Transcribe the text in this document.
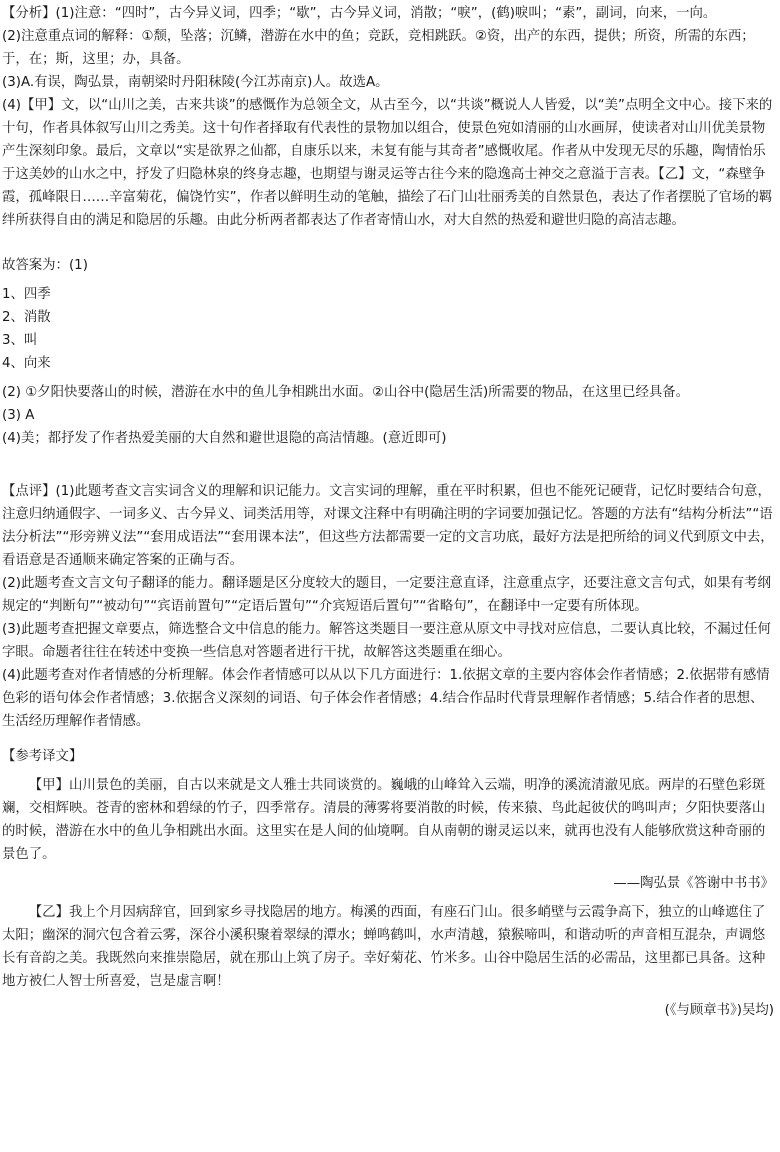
【分析】(1)注意：“四时”，古今异义词，四季；“歇”，古今异义词，消散；“唳”，(鹤)唳叫；“素”，副词，向来，一向。

(2)注意重点词的解释：①颓，坠落；沉鳞，潜游在水中的鱼；竞跃，竞相跳跃。②资，出产的东西，提供；所资，所需的东西；于，在；斯，这里；办，具备。

(3)A.有误，陶弘景，南朝梁时丹阳秣陵(今江苏南京)人。故选A。

(4)【甲】文，以“山川之美，古来共谈”的感慨作为总领全文，从古至今，以“共谈”概说人人皆爱，以“美”点明全文中心。接下来的十句，作者具体叙写山川之秀美。这十句作者择取有代表性的景物加以组合，使景色宛如清丽的山水画屏，使读者对山川优美景物产生深刻印象。最后，文章以“实是欲界之仙都，自康乐以来，未复有能与其奇者”感慨收尾。作者从中发现无尽的乐趣，陶情怡乐于这美妙的山水之中，抒发了归隐林泉的终身志趣，也期望与谢灵运等古往今来的隐逸高士神交之意溢于言表。【乙】文，“森壁争霞，孤峰限日……辛富菊花，偏饶竹实”，作者以鲜明生动的笔触，描绘了石门山壮丽秀美的自然景色，表达了作者摆脱了官场的羁绊所获得自由的满足和隐居的乐趣。由此分析两者都表达了作者寄情山水，对大自然的热爱和避世归隐的高洁志趣。

故答案为：(1)

1、四季

2、消散

3、叫

4、向来

(2) ①夕阳快要落山的时候，潜游在水中的鱼儿争相跳出水面。②山谷中(隐居生活)所需要的物品，在这里已经具备。

(3) A

(4)美；都抒发了作者热爱美丽的大自然和避世退隐的高洁情趣。(意近即可)

【点评】(1)此题考查文言实词含义的理解和识记能力。文言实词的理解，重在平时积累，但也不能死记硬背，记忆时要结合句意，注意归纳通假字、一词多义、古今异义、词类活用等，对课文注释中有明确注明的字词要加强记忆。答题的方法有“结构分析法”“语法分析法”“形旁辨义法”“套用成语法”“套用课本法”，但这些方法都需要一定的文言功底，最好方法是把所给的词义代到原文中去，看语意是否通顺来确定答案的正确与否。

(2)此题考查文言文句子翻译的能力。翻译题是区分度较大的题目，一定要注意直译，注意重点字，还要注意文言句式，如果有考纲规定的“判断句”“被动句”“宾语前置句”“定语后置句”“介宾短语后置句”“省略句”，在翻译中一定要有所体现。

(3)此题考查把握文章要点，筛选整合文中信息的能力。解答这类题目一要注意从原文中寻找对应信息，二要认真比较，不漏过任何字眼。命题者往往在转述中变换一些信息对答题者进行干扰，故解答这类题重在细心。

(4)此题考查对作者情感的分析理解。体会作者情感可以从以下几方面进行：1.依据文章的主要内容体会作者情感；2.依据带有感情色彩的语句体会作者情感；3.依据含义深刻的词语、句子体会作者情感；4.结合作品时代背景理解作者情感；5.结合作者的思想、生活经历理解作者情感。

【参考译文】

【甲】山川景色的美丽，自古以来就是文人雅士共同谈赏的。巍峨的山峰耸入云端，明净的溪流清澈见底。两岸的石壁色彩斑斓，交相辉映。苍青的密林和碧绿的竹子，四季常存。清晨的薄雾将要消散的时候，传来猿、鸟此起彼伏的鸣叫声；夕阳快要落山的时候，潜游在水中的鱼儿争相跳出水面。这里实在是人间的仙境啊。自从南朝的谢灵运以来，就再也没有人能够欣赏这种奇丽的景色了。

——陶弘景《答谢中书书》

【乙】我上个月因病辞官，回到家乡寻找隐居的地方。梅溪的西面，有座石门山。很多峭壁与云霞争高下，独立的山峰遮住了太阳；幽深的洞穴包含着云雾，深谷小溪积聚着翠绿的潭水；蝉鸣鹤叫，水声清越，猿猴啼叫，和谐动听的声音相互混杂，声调悠长有音韵之美。我既然向来推崇隐居，就在那山上筑了房子。幸好菊花、竹米多。山谷中隐居生活的必需品，这里都已具备。这种地方被仁人智士所喜爱，岂是虚言啊！

(《与顾章书》)吴均)
